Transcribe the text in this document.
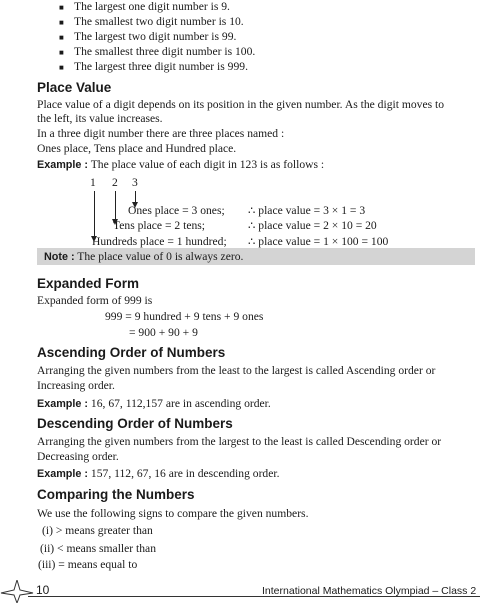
■ The largest one digit number is 9.
■ The smallest two digit number is 10.
■ The largest two digit number is 99.
■ The smallest three digit number is 100.
■ The largest three digit number is 999.
Place Value
Place value of a digit depends on its position in the given number. As the digit moves to
the left, its value increases.
In a three digit number there are three places named :
Ones place, Tens place and Hundred place.
Example : The place value of each digit in 123 is as follows :
1 2 3
Ones place = 3 ones; ∴ place value = 3 × 1 = 3
Tens place = 2 tens;	∴ place value = 2 × 10 = 20
Hundreds place = 1 hundred; ∴ place value = 1 × 100 = 100
Note : The place value of 0 is always zero.
Expanded Form
Expanded form of 999 is
999 = 9 hundred + 9 tens + 9 ones
= 900 + 90 + 9
Ascending Order of Numbers
Arranging the given numbers from the least to the largest is called Ascending order or
Increasing order.
Example : 16, 67, 112,157 are in ascending order.
Descending Order of Numbers
Arranging the given numbers from the largest to the least is called Descending order or
Decreasing order.
Example : 157, 112, 67, 16 are in descending order.
Comparing the Numbers
We use the following signs to compare the given numbers.
(i) > means greater than
(ii) < means smaller than
(iii) = means equal to
10	International Mathematics Olympiad – Class 2
